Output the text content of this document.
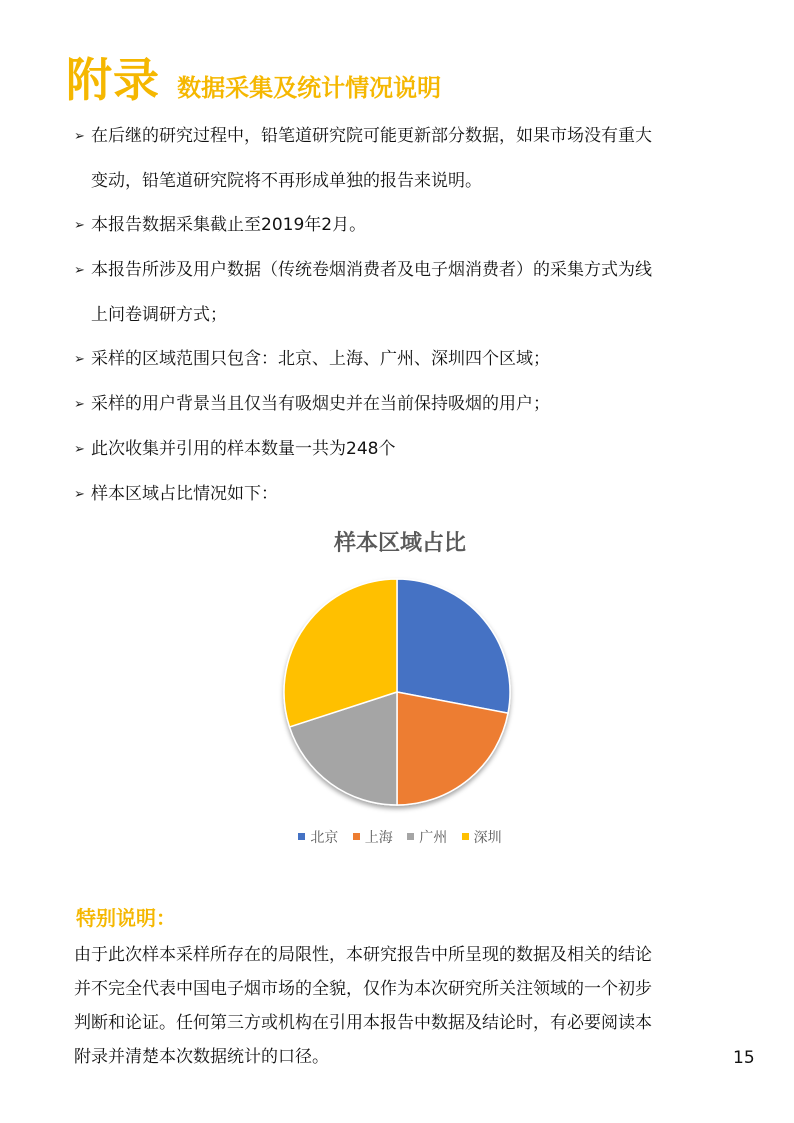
附录 数据采集及统计情况说明
➢ 在后继的研究过程中，铅笔道研究院可能更新部分数据，如果市场没有重大
变动，铅笔道研究院将不再形成单独的报告来说明。
➢ 本报告数据采集截止至2019年2月。
➢ 本报告所涉及用户数据（传统卷烟消费者及电子烟消费者）的采集方式为线
上问卷调研方式；
➢ 采样的区域范围只包含：北京、上海、广州、深圳四个区域；
➢ 采样的用户背景当且仅当有吸烟史并在当前保持吸烟的用户；
➢ 此次收集并引用的样本数量一共为248个
➢ 样本区域占比情况如下：
样本区域占比
北京 上海 广州 深圳
特别说明：
由于此次样本采样所存在的局限性，本研究报告中所呈现的数据及相关的结论
并不完全代表中国电子烟市场的全貌，仅作为本次研究所关注领域的一个初步
判断和论证。任何第三方或机构在引用本报告中数据及结论时，有必要阅读本
附录并清楚本次数据统计的口径。	15
